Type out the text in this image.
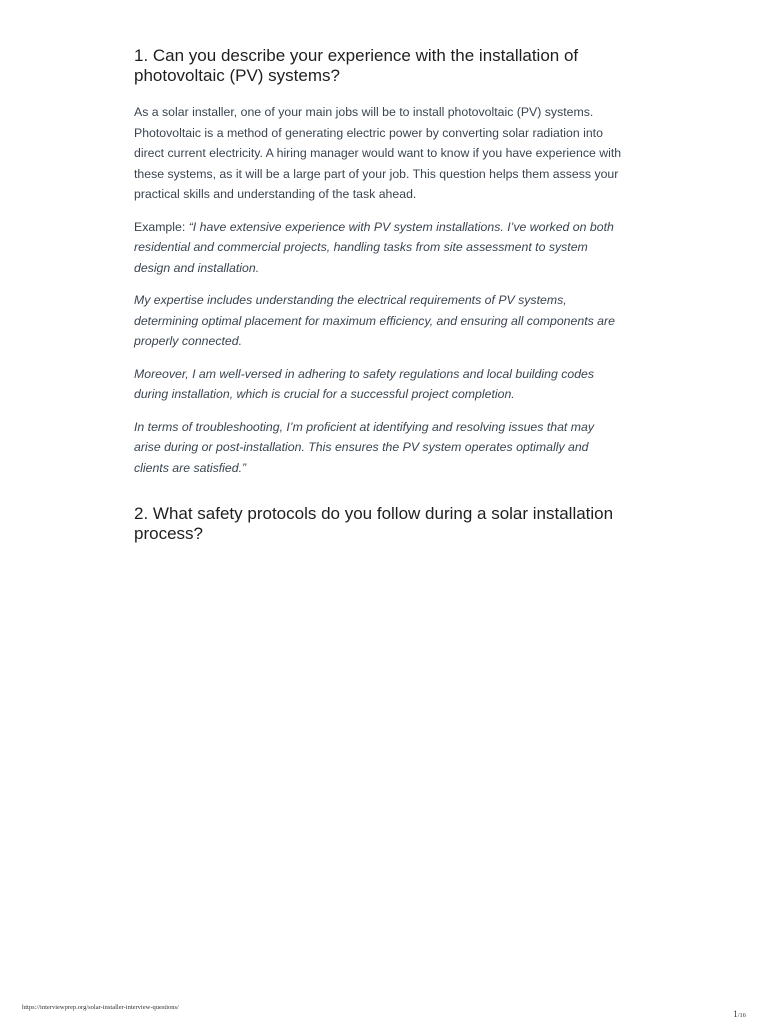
1. Can you describe your experience with the installation of photovoltaic (PV) systems?

As a solar installer, one of your main jobs will be to install photovoltaic (PV) systems. Photovoltaic is a method of generating electric power by converting solar radiation into direct current electricity. A hiring manager would want to know if you have experience with these systems, as it will be a large part of your job. This question helps them assess your practical skills and understanding of the task ahead.

Example: “I have extensive experience with PV system installations. I’ve worked on both residential and commercial projects, handling tasks from site assessment to system design and installation.

My expertise includes understanding the electrical requirements of PV systems, determining optimal placement for maximum efficiency, and ensuring all components are properly connected.

Moreover, I am well-versed in adhering to safety regulations and local building codes during installation, which is crucial for a successful project completion.

In terms of troubleshooting, I’m proficient at identifying and resolving issues that may arise during or post-installation. This ensures the PV system operates optimally and clients are satisfied.”

2. What safety protocols do you follow during a solar installation process?
https://interviewprep.org/solar-installer-interview-questions/
1/16
